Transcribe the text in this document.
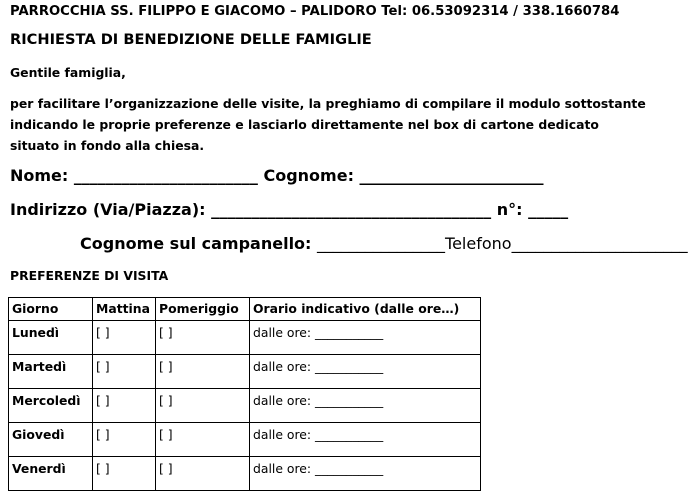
PARROCCHIA SS. FILIPPO E GIACOMO – PALIDORO Tel: 06.53092314 / 338.1660784
RICHIESTA DI BENEDIZIONE DELLE FAMIGLIE
Gentile famiglia,
per facilitare l’organizzazione delle visite, la preghiamo di compilare il modulo sottostante indicando le proprie preferenze e lasciarlo direttamente nel box di cartone dedicato situato in fondo alla chiesa.
Nome: _______________________ Cognome: _______________________
Indirizzo (Via/Piazza): ___________________________________ n°: _____
Cognome sul campanello: ________________Telefono______________________
PREFERENZE DI VISITA
Giorno	Mattina	Pomeriggio	Orario indicativo (dalle ore…)
Lunedì	[ ]	[ ]	dalle ore: ___________
Martedì	[ ]	[ ]	dalle ore: ___________
Mercoledì	[ ]	[ ]	dalle ore: ___________
Giovedì	[ ]	[ ]	dalle ore: ___________
Venerdì	[ ]	[ ]	dalle ore: ___________
